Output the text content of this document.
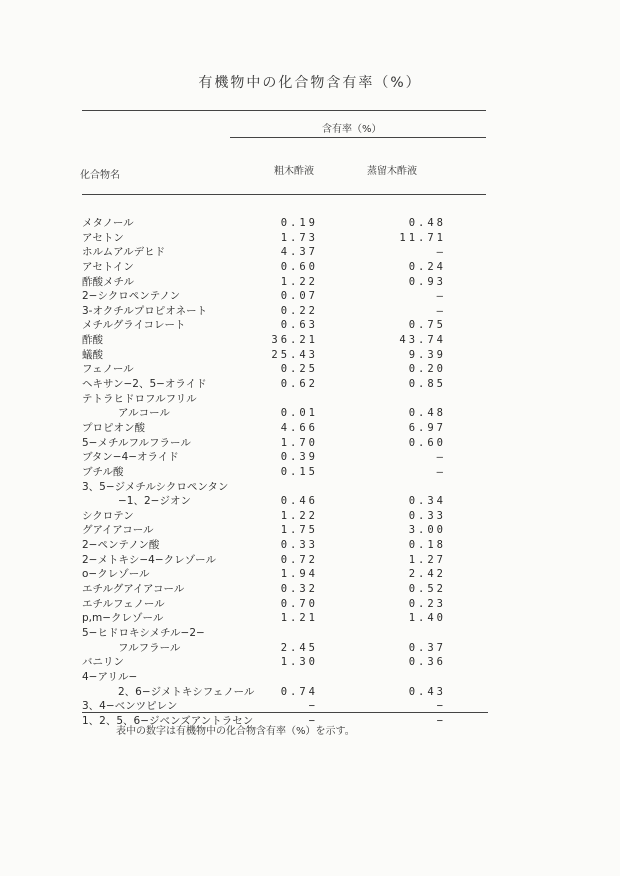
有機物中の化合物含有率（%）
含有率（%）
化合物名	粗木酢液	蒸留木酢液
メタノール	0.19	0.48
アセトン	1.73	11.71
ホルムアルデヒド	4.37	—
アセトイン	0.60	0.24
酢酸メチル	1.22	0.93
2−シクロペンテノン	0.07	—
3-オクチルプロピオネート	0.22	—
メチルグライコレート	0.63	0.75
酢酸	36.21	43.74
蟻酸	25.43	9.39
フェノール	0.25	0.20
ヘキサン−2、5−オライド	0.62	0.85
テトラヒドロフルフリル
アルコール	0.01	0.48
プロピオン酸	4.66	6.97
5−メチルフルフラール	1.70	0.60
ブタン−4−オライド	0.39	—
ブチル酸	0.15	—
3、5−ジメチルシクロペンタン
−1、2−ジオン	0.46	0.34
シクロテン	1.22	0.33
グアイアコール	1.75	3.00
2−ペンテノン酸	0.33	0.18
2−メトキシ−4−クレゾール	0.72	1.27
o−クレゾール	1.94	2.42
エチルグアイアコール	0.32	0.52
エチルフェノール	0.70	0.23
p,m−クレゾール	1.21	1.40
5−ヒドロキシメチル−2−
フルフラール	2.45	0.37
バニリン	1.30	0.36
4−アリル−
2、6−ジメトキシフェノール	0.74	0.43
3、4−ベンツピレン	−	−
1、2、5、6−ジベンズアントラセン	−	−
表中の数字は有機物中の化合物含有率（%）を示す。
